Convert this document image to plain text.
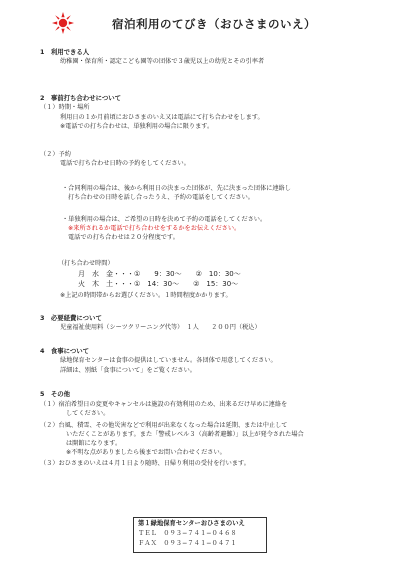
宿泊利用のてびき（おひさまのいえ）
1　利用できる人
幼稚園・保育所・認定こども園等の団体で３歳児以上の幼児とその引率者
2　事前打ち合わせについて
（１）時期・場所
利用日の１か月前頃におひさまのいえ又は電話にて打ち合わせをします。
※電話での打ち合わせは、単独利用の場合に限ります。
（２）予約
電話で打ち合わせ日時の予約をしてください。
・合同利用の場合は、後から利用日の決まった団体が、先に決まった団体に連絡し
打ち合わせの日時を話し合ったうえ、予約の電話をしてください。
・単独利用の場合は、ご希望の日時を決めて予約の電話をしてください。
※来所されるか電話で打ち合わせをするかをお伝えください。
電話での打ち合わせは２０分程度です。
（打ち合わせ時間）
月　水　金・・・①　　9：30～　　②　10：30～
火　木　土・・・①　14：30～　　②　15：30～
※上記の時間帯からお選びください。１時間程度かかります。
3　必要経費について
児童福祉使用料（シーツクリーニング代等）　１人　　２００円（税込）
4　食事について
緑地保育センターは食事の提供はしていません。各団体で用意してください。
詳細は、別紙「食事について」をご覧ください。
5　その他
（１）宿泊希望日の変更やキャンセルは施設の有効利用のため、出来るだけ早めに連絡を
してください。
（２）台風、積雪、その他災害などで利用が出来なくなった場合は延期、または中止して
いただくことがあります。また「警戒レベル３（高齢者避難）」以上が発令された場合
は開館になります。
※不明な点がありましたら後までお問い合わせください。
（３）おひさまのいえは４月１日より随時、日帰り利用の受付を行います。
第１緑地保育センターおひさまのいえ
ＴＥＬ　０９３−７４１−０４６８
ＦＡＸ　０９３−７４１−０４７１
